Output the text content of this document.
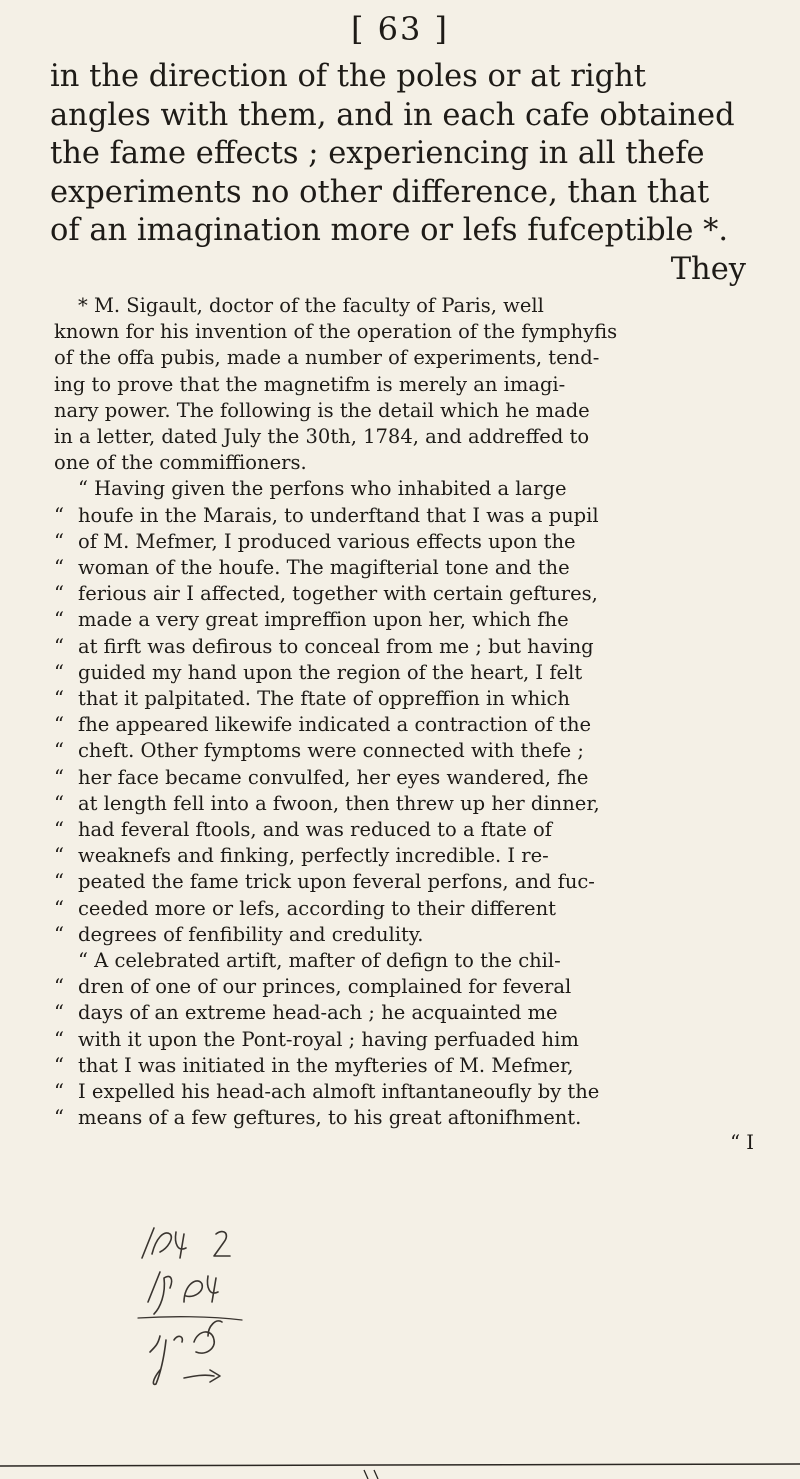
[ 63 ]
in the direction of the poles or at right
angles with them, and in each cafe obtained
the fame effects ; experiencing in all thefe
experiments no other difference, than that
of an imagination more or lefs fufceptible *.
They
* M. Sigault, doctor of the faculty of Paris, well
known for his invention of the operation of the fymphyfis
of the offa pubis, made a number of experiments, tend-
ing to prove that the magnetifm is merely an imagi-
nary power. The following is the detail which he made
in a letter, dated July the 30th, 1784, and addreffed to
one of the commiffioners.
“ Having given the perfons who inhabited a large
“ houfe in the Marais, to underftand that I was a pupil
“ of M. Mefmer, I produced various effects upon the
“ woman of the houfe. The magifterial tone and the
“ ferious air I affected, together with certain geftures,
“ made a very great impreffion upon her, which fhe
“ at firft was defirous to conceal from me ; but having
“ guided my hand upon the region of the heart, I felt
“ that it palpitated. The ftate of oppreffion in which
“ fhe appeared likewife indicated a contraction of the
“ cheft. Other fymptoms were connected with thefe ;
“ her face became convulfed, her eyes wandered, fhe
“ at length fell into a fwoon, then threw up her dinner,
“ had feveral ftools, and was reduced to a ftate of
“ weaknefs and finking, perfectly incredible. I re-
“ peated the fame trick upon feveral perfons, and fuc-
“ ceeded more or lefs, according to their different
“ degrees of fenfibility and credulity.
“ A celebrated artift, mafter of defign to the chil-
“ dren of one of our princes, complained for feveral
“ days of an extreme head-ach ; he acquainted me
“ with it upon the Pont-royal ; having perfuaded him
“ that I was initiated in the myfteries of M. Mefmer,
“ I expelled his head-ach almoft inftantaneoufly by the
“ means of a few geftures, to his great aftonifhment.
“ I
